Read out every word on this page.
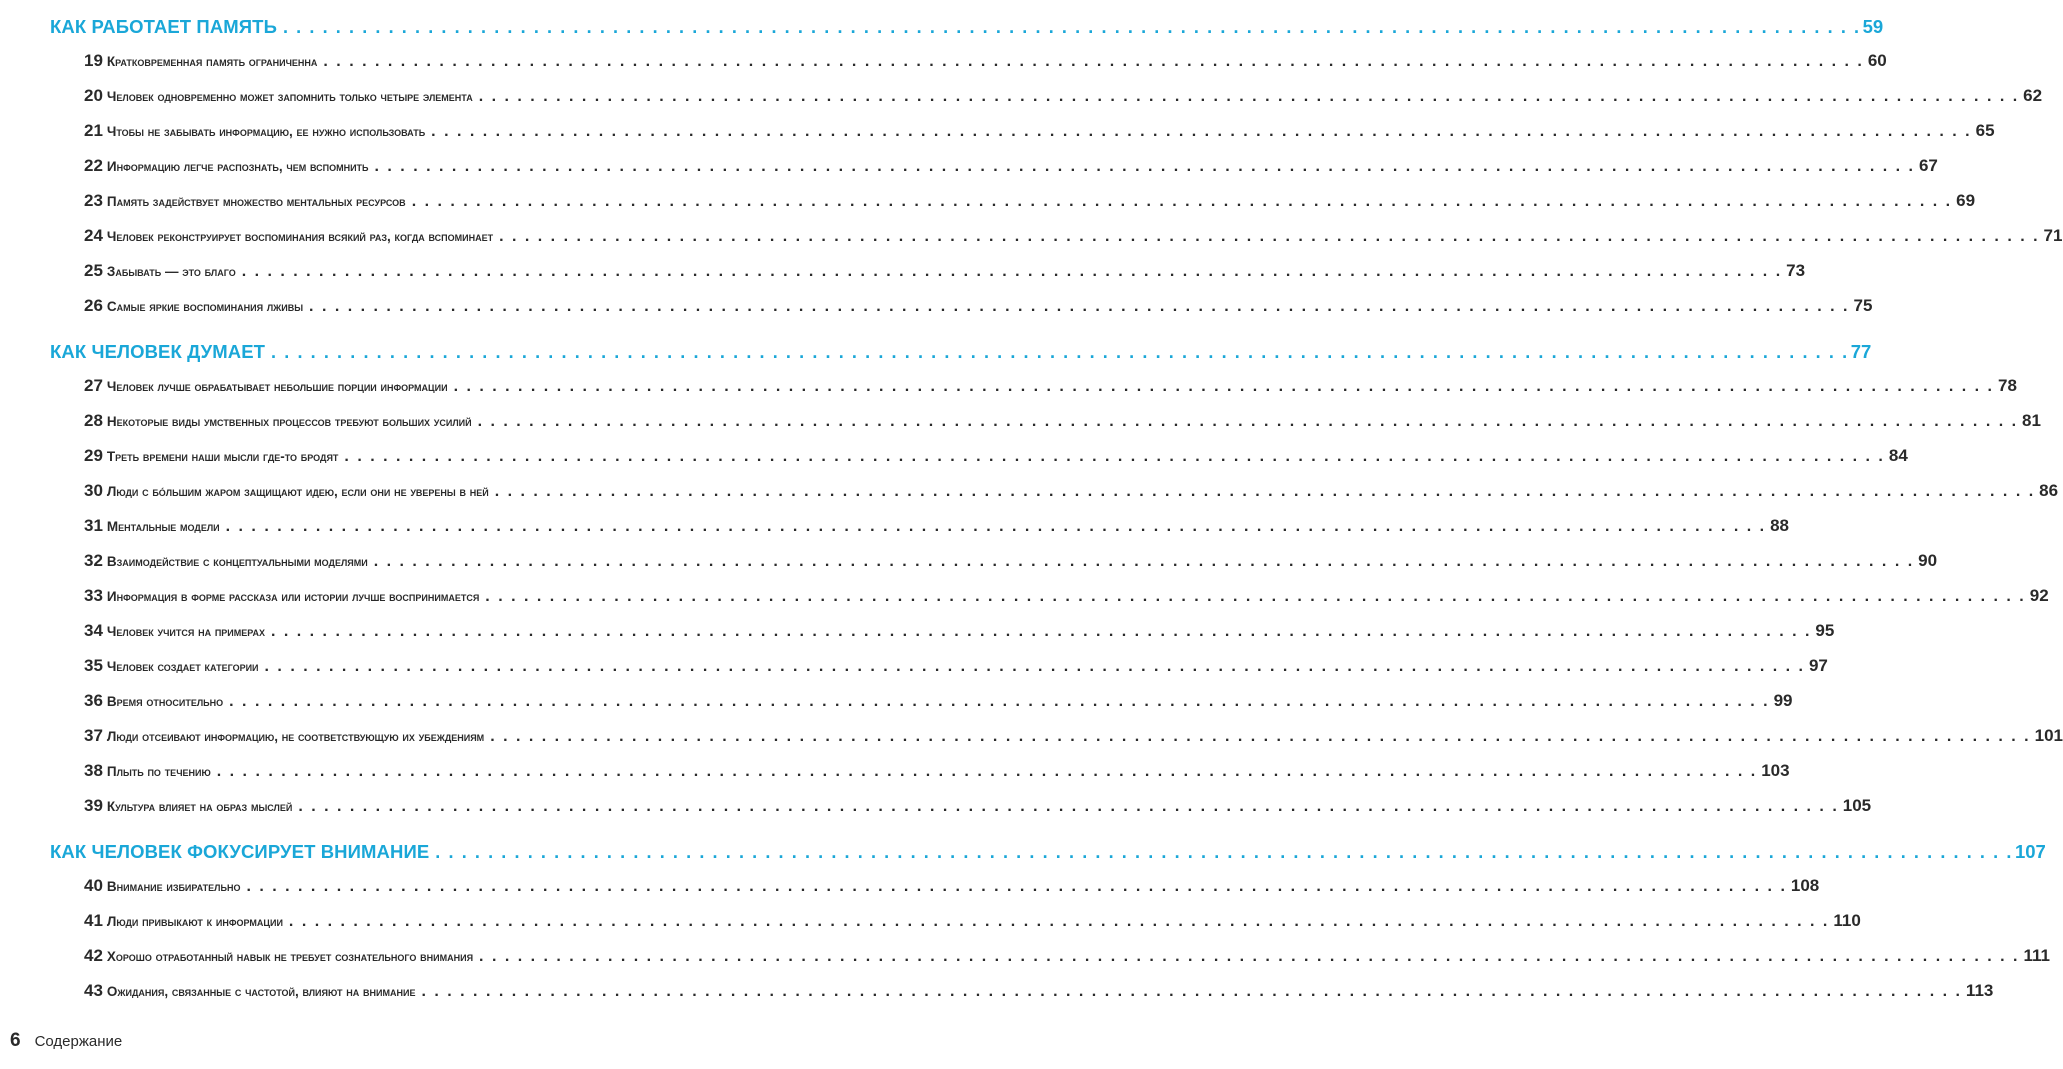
КАК РАБОТАЕТ ПАМЯТЬ . . . . . . . . . . . . . . . . . . . . . . . . . . . . . . . . . . . . . . . . . . . . . . . . . . . . . . . . . . . . . . . . . . . . . . . . . . . . . . . . . . . . . . . . . . . . . . . . . . . . . . . . . . . . . . . . . . . . . . . . 59
19 Кратковременная память ограниченна . . . . . . . . . . . . . . . . . . . . . . . . . . . . . . . . . . . . . . . . . . . . . . . . . . . . . . . . . . . . . . . . . . . . . . . . . . . . . . . . . . . . . . . . . . . . . . . . . . . . . . . . . . . . . . . . . . . . . . . . 60
20 Человек одновременно может запомнить только четыре элемента . . . . . . . . . . . . . . . . . . . . . . . . . . . . . . . . . . . . . . . . . . . . . . . . . . . . . . . . . . . . . . . . . . . . . . . . . . . . . . . . . . . . . . . . . . . . . . . . . . . . . . . . . . . . . . . . . . . . . . . . 62
21 Чтобы не забывать информацию, ее нужно использовать . . . . . . . . . . . . . . . . . . . . . . . . . . . . . . . . . . . . . . . . . . . . . . . . . . . . . . . . . . . . . . . . . . . . . . . . . . . . . . . . . . . . . . . . . . . . . . . . . . . . . . . . . . . . . . . . . . . . . . . . 65
22 Информацию легче распознать, чем вспомнить . . . . . . . . . . . . . . . . . . . . . . . . . . . . . . . . . . . . . . . . . . . . . . . . . . . . . . . . . . . . . . . . . . . . . . . . . . . . . . . . . . . . . . . . . . . . . . . . . . . . . . . . . . . . . . . . . . . . . . . . 67
23 Память задействует множество ментальных ресурсов . . . . . . . . . . . . . . . . . . . . . . . . . . . . . . . . . . . . . . . . . . . . . . . . . . . . . . . . . . . . . . . . . . . . . . . . . . . . . . . . . . . . . . . . . . . . . . . . . . . . . . . . . . . . . . . . . . . . . . . . 69
24 Человек реконструирует воспоминания всякий раз, когда вспоминает . . . . . . . . . . . . . . . . . . . . . . . . . . . . . . . . . . . . . . . . . . . . . . . . . . . . . . . . . . . . . . . . . . . . . . . . . . . . . . . . . . . . . . . . . . . . . . . . . . . . . . . . . . . . . . . . . . . . . . . . 71
25 Забывать — это благо . . . . . . . . . . . . . . . . . . . . . . . . . . . . . . . . . . . . . . . . . . . . . . . . . . . . . . . . . . . . . . . . . . . . . . . . . . . . . . . . . . . . . . . . . . . . . . . . . . . . . . . . . . . . . . . . . . . . . . . . 73
26 Самые яркие воспоминания лживы . . . . . . . . . . . . . . . . . . . . . . . . . . . . . . . . . . . . . . . . . . . . . . . . . . . . . . . . . . . . . . . . . . . . . . . . . . . . . . . . . . . . . . . . . . . . . . . . . . . . . . . . . . . . . . . . . . . . . . . . 75
КАК ЧЕЛОВЕК ДУМАЕТ . . . . . . . . . . . . . . . . . . . . . . . . . . . . . . . . . . . . . . . . . . . . . . . . . . . . . . . . . . . . . . . . . . . . . . . . . . . . . . . . . . . . . . . . . . . . . . . . . . . . . . . . . . . . . . . . . . . . . . . . 77
27 Человек лучше обрабатывает небольшие порции информации . . . . . . . . . . . . . . . . . . . . . . . . . . . . . . . . . . . . . . . . . . . . . . . . . . . . . . . . . . . . . . . . . . . . . . . . . . . . . . . . . . . . . . . . . . . . . . . . . . . . . . . . . . . . . . . . . . . . . . . . 78
28 Некоторые виды умственных процессов требуют больших усилий . . . . . . . . . . . . . . . . . . . . . . . . . . . . . . . . . . . . . . . . . . . . . . . . . . . . . . . . . . . . . . . . . . . . . . . . . . . . . . . . . . . . . . . . . . . . . . . . . . . . . . . . . . . . . . . . . . . . . . . . 81
29 Треть времени наши мысли где-то бродят . . . . . . . . . . . . . . . . . . . . . . . . . . . . . . . . . . . . . . . . . . . . . . . . . . . . . . . . . . . . . . . . . . . . . . . . . . . . . . . . . . . . . . . . . . . . . . . . . . . . . . . . . . . . . . . . . . . . . . . . 84
30 Люди с бóльшим жаром защищают идею, если они не уверены в ней . . . . . . . . . . . . . . . . . . . . . . . . . . . . . . . . . . . . . . . . . . . . . . . . . . . . . . . . . . . . . . . . . . . . . . . . . . . . . . . . . . . . . . . . . . . . . . . . . . . . . . . . . . . . . . . . . . . . . . . . 86
31 Ментальные модели . . . . . . . . . . . . . . . . . . . . . . . . . . . . . . . . . . . . . . . . . . . . . . . . . . . . . . . . . . . . . . . . . . . . . . . . . . . . . . . . . . . . . . . . . . . . . . . . . . . . . . . . . . . . . . . . . . . . . . . . 88
32 Взаимодействие с концептуальными моделями . . . . . . . . . . . . . . . . . . . . . . . . . . . . . . . . . . . . . . . . . . . . . . . . . . . . . . . . . . . . . . . . . . . . . . . . . . . . . . . . . . . . . . . . . . . . . . . . . . . . . . . . . . . . . . . . . . . . . . . . 90
33 Информация в форме рассказа или истории лучше воспринимается . . . . . . . . . . . . . . . . . . . . . . . . . . . . . . . . . . . . . . . . . . . . . . . . . . . . . . . . . . . . . . . . . . . . . . . . . . . . . . . . . . . . . . . . . . . . . . . . . . . . . . . . . . . . . . . . . . . . . . . . 92
34 Человек учится на примерах . . . . . . . . . . . . . . . . . . . . . . . . . . . . . . . . . . . . . . . . . . . . . . . . . . . . . . . . . . . . . . . . . . . . . . . . . . . . . . . . . . . . . . . . . . . . . . . . . . . . . . . . . . . . . . . . . . . . . . . . 95
35 Человек создает категории . . . . . . . . . . . . . . . . . . . . . . . . . . . . . . . . . . . . . . . . . . . . . . . . . . . . . . . . . . . . . . . . . . . . . . . . . . . . . . . . . . . . . . . . . . . . . . . . . . . . . . . . . . . . . . . . . . . . . . . . 97
36 Время относительно . . . . . . . . . . . . . . . . . . . . . . . . . . . . . . . . . . . . . . . . . . . . . . . . . . . . . . . . . . . . . . . . . . . . . . . . . . . . . . . . . . . . . . . . . . . . . . . . . . . . . . . . . . . . . . . . . . . . . . . . 99
37 Люди отсеивают информацию, не соответствующую их убеждениям . . . . . . . . . . . . . . . . . . . . . . . . . . . . . . . . . . . . . . . . . . . . . . . . . . . . . . . . . . . . . . . . . . . . . . . . . . . . . . . . . . . . . . . . . . . . . . . . . . . . . . . . . . . . . . . . . . . . . . . . 101
38 Плыть по течению . . . . . . . . . . . . . . . . . . . . . . . . . . . . . . . . . . . . . . . . . . . . . . . . . . . . . . . . . . . . . . . . . . . . . . . . . . . . . . . . . . . . . . . . . . . . . . . . . . . . . . . . . . . . . . . . . . . . . . . . 103
39 Культура влияет на образ мыслей . . . . . . . . . . . . . . . . . . . . . . . . . . . . . . . . . . . . . . . . . . . . . . . . . . . . . . . . . . . . . . . . . . . . . . . . . . . . . . . . . . . . . . . . . . . . . . . . . . . . . . . . . . . . . . . . . . . . . . . . 105
КАК ЧЕЛОВЕК ФОКУСИРУЕТ ВНИМАНИЕ . . . . . . . . . . . . . . . . . . . . . . . . . . . . . . . . . . . . . . . . . . . . . . . . . . . . . . . . . . . . . . . . . . . . . . . . . . . . . . . . . . . . . . . . . . . . . . . . . . . . . . . . . . . . . . . . . . . . . . . . 107
40 Внимание избирательно . . . . . . . . . . . . . . . . . . . . . . . . . . . . . . . . . . . . . . . . . . . . . . . . . . . . . . . . . . . . . . . . . . . . . . . . . . . . . . . . . . . . . . . . . . . . . . . . . . . . . . . . . . . . . . . . . . . . . . . . 108
41 Люди привыкают к информации . . . . . . . . . . . . . . . . . . . . . . . . . . . . . . . . . . . . . . . . . . . . . . . . . . . . . . . . . . . . . . . . . . . . . . . . . . . . . . . . . . . . . . . . . . . . . . . . . . . . . . . . . . . . . . . . . . . . . . . . 110
42 Хорошо отработанный навык не требует сознательного внимания . . . . . . . . . . . . . . . . . . . . . . . . . . . . . . . . . . . . . . . . . . . . . . . . . . . . . . . . . . . . . . . . . . . . . . . . . . . . . . . . . . . . . . . . . . . . . . . . . . . . . . . . . . . . . . . . . . . . . . . . 111
43 Ожидания, связанные с частотой, влияют на внимание . . . . . . . . . . . . . . . . . . . . . . . . . . . . . . . . . . . . . . . . . . . . . . . . . . . . . . . . . . . . . . . . . . . . . . . . . . . . . . . . . . . . . . . . . . . . . . . . . . . . . . . . . . . . . . . . . . . . . . . . 113
6 Содержание
